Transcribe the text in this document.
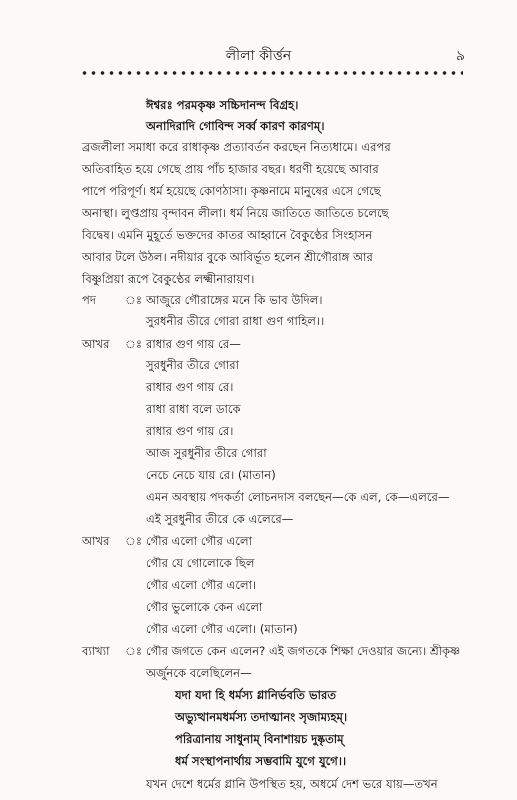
লীলা কীর্ত্তন	৯
ঈশ্বরঃ পরমকৃষ্ণ সচ্চিদানন্দ বিগ্রহ।
অনাদিরাদি গোবিন্দ সর্ব্ব কারণ কারণম্।
ব্রজলীলা সমাধা করে রাধাকৃষ্ণ প্রত্যাবর্তন করছেন নিত্যধামে। এরপর
অতিবাহিত হয়ে গেছে প্রায় পাঁচ হাজার বছর। ধরণী হয়েছে আবার
পাপে পরিপূর্ণ। ধর্ম হয়েছে কোণঠাসা। কৃষ্ণনামে মানুষের এসে গেছে
অনাস্থা। লুপ্তপ্রায় বৃন্দাবন লীলা। ধর্ম নিয়ে জাতিতে জাতিতে চলেছে
বিদ্বেষ। এমনি মুহূর্তে ভক্তদের কাতর আহ্বানে বৈকুণ্ঠের সিংহাসন
আবার টলে উঠল। নদীয়ার বুকে আবির্ভূত হলেন শ্রীগৌরাঙ্গ আর
বিষ্ণুপ্রিয়া রূপে বৈকুণ্ঠের লক্ষ্মীনারায়ণ।
পদ	ঃ আজুরে গৌরাঙ্গের মনে কি ভাব উদিল।
সুরধনীর তীরে গোরা রাধা গুণ গাহিল।।
আখর ঃ রাধার গুণ গায় রে—
সুরধুনীর তীরে গোরা
রাধার গুণ গায় রে।
রাধা রাধা বলে ডাকে
রাধার গুণ গায় রে।
আজ সুরধুনীর তীরে গোরা
নেচে নেচে যায় রে। (মাতান)
এমন অবস্থায় পদকর্তা লোচনদাস বলছেন—কে এল, কে—এলরে—
এই সুরধুনীর তীরে কে এলেরে—
আখর ঃ গৌর এলো গৌর এলো
গৌর যে গোলোকে ছিল
গৌর এলো গৌর এলো।
গৌর ভুলোকে কেন এলো
গৌর এলো গৌর এলো। (মাতান)
ব্যাখ্যা ঃ গৌর জগতে কেন এলেন? এই জগতকে শিক্ষা দেওয়ার জন্যে। শ্রীকৃষ্ণ
অর্জুনকে বলেছিলেন—
যদা যদা হি ধর্মস্য গ্লানির্ভবতি ভারত
অভ্যুত্থানমধর্মস্য তদাত্মানং সৃজাম্যহম্।
পরিত্রানায় সাধুনাম্ বিনাশায়চ দুষ্কৃতাম্
ধর্ম সংস্থাপনার্থায় সম্ভবামি যুগে যুগে।।
যখন দেশে ধর্মের গ্লানি উপস্থিত হয়, অধর্মে দেশ ভরে যায়—তখন
